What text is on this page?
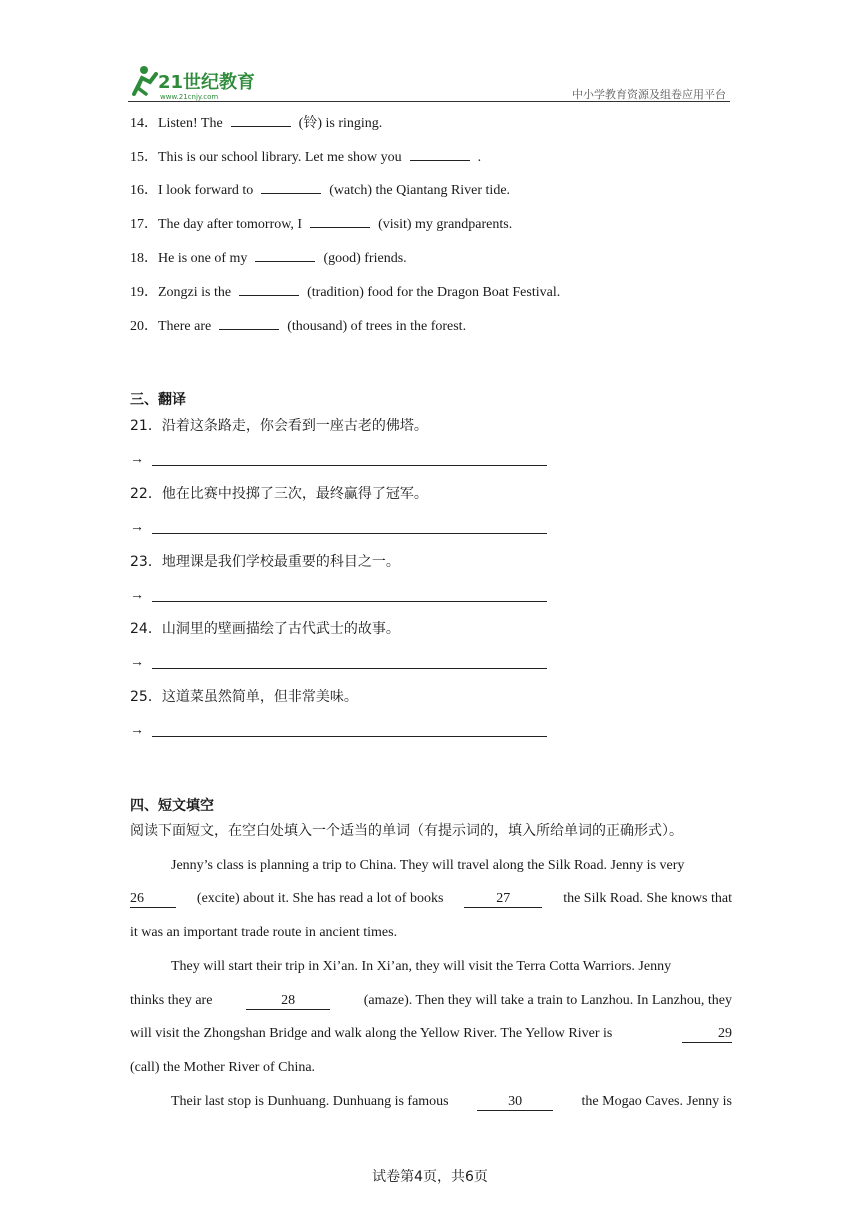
21世纪教育
www.21cnjy.com	中小学教育资源及组卷应用平台
14．Listen! The	(铃) is ringing.
15．This is our school library. Let me show you	.
16．I look forward to	(watch) the Qiantang River tide.
17．The day after tomorrow, I	(visit) my grandparents.
18．He is one of my	(good) friends.
19．Zongzi is the	(tradition) food for the Dragon Boat Festival.
20．There are	(thousand) of trees in the forest.
三、翻译
21．沿着这条路走，你会看到一座古老的佛塔。
→
22．他在比赛中投掷了三次，最终赢得了冠军。
→
23．地理课是我们学校最重要的科目之一。
→
24．山洞里的壁画描绘了古代武士的故事。
→
25．这道菜虽然简单，但非常美味。
→
四、短文填空
阅读下面短文，在空白处填入一个适当的单词（有提示词的，填入所给单词的正确形式）。
Jenny’s class is planning a trip to China. They will travel along the Silk Road. Jenny is very
26	(excite) about it. She has read a lot of books	27	the Silk Road. She knows that
it was an important trade route in ancient times.
They will start their trip in Xi’an. In Xi’an, they will visit the Terra Cotta Warriors. Jenny
thinks they are	28	(amaze). Then they will take a train to Lanzhou. In Lanzhou, they
will visit the Zhongshan Bridge and walk along the Yellow River. The Yellow River is	29
(call) the Mother River of China.
Their last stop is Dunhuang. Dunhuang is famous	30	the Mogao Caves. Jenny is
试卷第4页，共6页
